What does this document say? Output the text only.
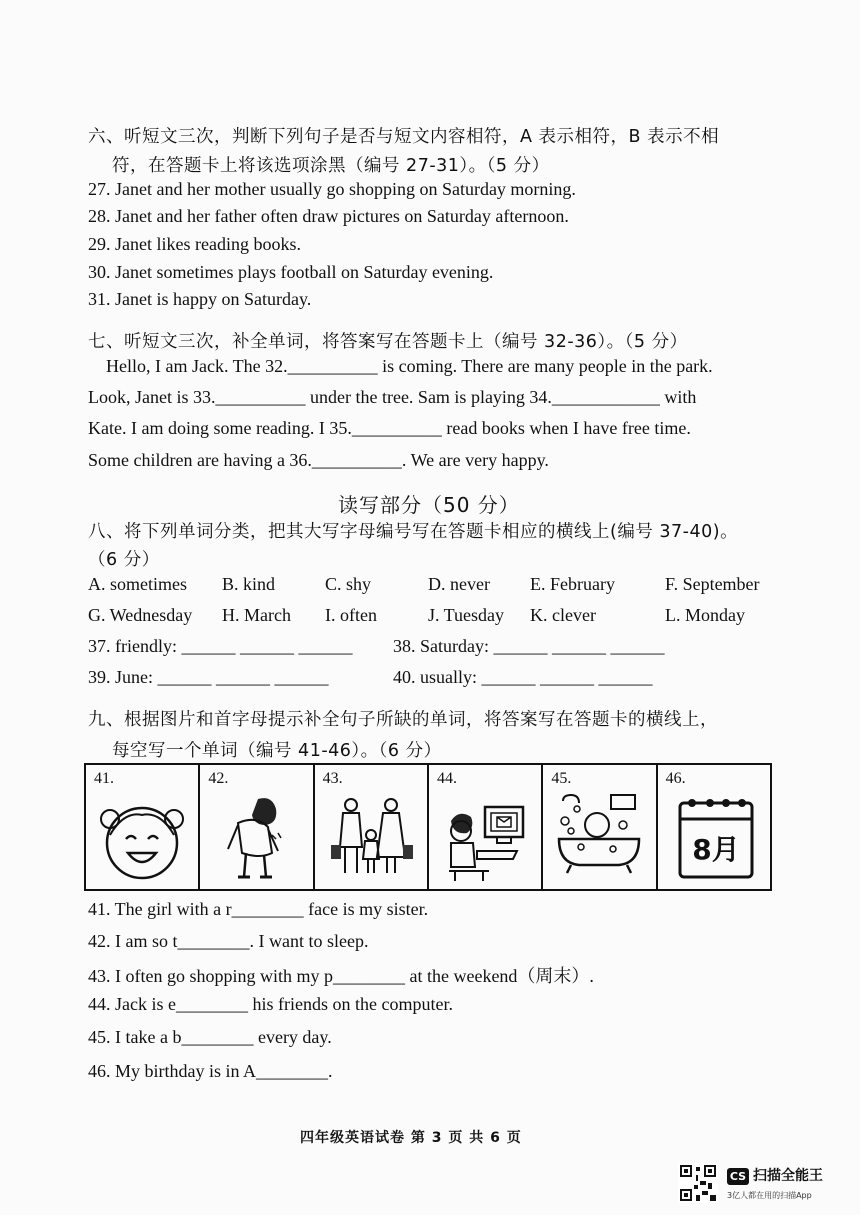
六、听短文三次，判断下列句子是否与短文内容相符，A 表示相符，B 表示不相
符，在答题卡上将该选项涂黑（编号 27-31）。（5 分）
27. Janet and her mother usually go shopping on Saturday morning.
28. Janet and her father often draw pictures on Saturday afternoon.
29. Janet likes reading books.
30. Janet sometimes plays football on Saturday evening.
31. Janet is happy on Saturday.
七、听短文三次，补全单词，将答案写在答题卡上（编号 32-36）。（5 分）
Hello, I am Jack. The 32.__________ is coming. There are many people in the park.
Look, Janet is 33.__________ under the tree. Sam is playing 34.____________ with
Kate. I am doing some reading. I 35.__________ read books when I have free time.
Some children are having a 36.__________. We are very happy.
读写部分（50 分）
八、将下列单词分类，把其大写字母编号写在答题卡相应的横线上(编号 37-40)。
（6 分）
A. sometimes B. kind	C. shy	D. never E. February	F. September
G. Wednesday H. March I. often	J. Tuesday K. clever	L. Monday
37. friendly: ______ ______ ______ 38. Saturday: ______ ______ ______
39. June: ______ ______ ______	40. usually: ______ ______ ______
九、根据图片和首字母提示补全句子所缺的单词，将答案写在答题卡的横线上，
每空写一个单词（编号 41-46）。（6 分）
41.	42.	43.	44.	45.	46.
8月
41. The girl with a r________ face is my sister.
42. I am so t________. I want to sleep.
43. I often go shopping with my p________ at the weekend（周末）.
44. Jack is e________ his friends on the computer.
45. I take a b________ every day.
46. My birthday is in A________.
四年级英语试卷 第 3 页 共 6 页
CS 扫描全能王
3亿人都在用的扫描App
